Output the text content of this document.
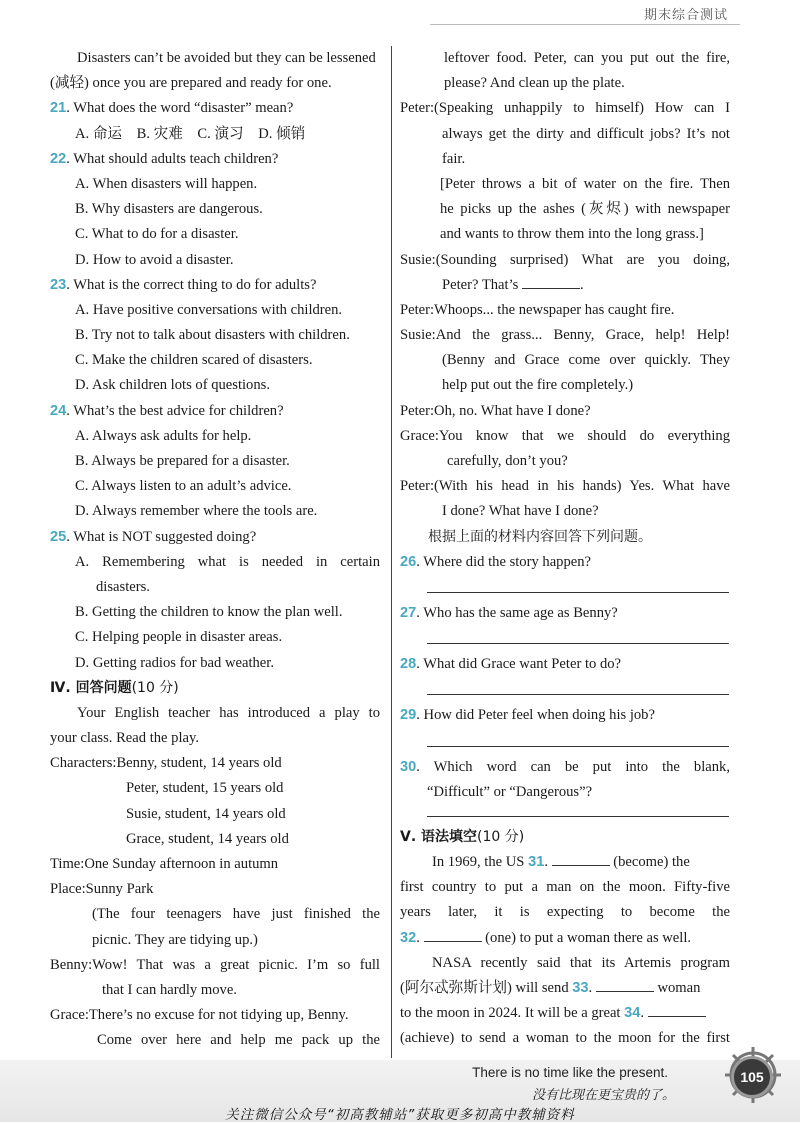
期末综合测试
Disasters can’t be avoided but they can be lessened
(减轻) once you are prepared and ready for one.
21. What does the word “disaster” mean?
A. 命运    B. 灾难    C. 演习    D. 倾销
22. What should adults teach children?
A. When disasters will happen.
B. Why disasters are dangerous.
C. What to do for a disaster.
D. How to avoid a disaster.
23. What is the correct thing to do for adults?
A. Have positive conversations with children.
B. Try not to talk about disasters with children.
C. Make the children scared of disasters.
D. Ask children lots of questions.
24. What’s the best advice for children?
A. Always ask adults for help.
B. Always be prepared for a disaster.
C. Always listen to an adult’s advice.
D. Always remember where the tools are.
25. What is NOT suggested doing?
A. Remembering what is needed in certain
disasters.
B. Getting the children to know the plan well.
C. Helping people in disaster areas.
D. Getting radios for bad weather.
Ⅳ. 回答问题(10 分)
Your English teacher has introduced a play to
your class. Read the play.
Characters:Benny, student, 14 years old
Peter, student, 15 years old
Susie, student, 14 years old
Grace, student, 14 years old
Time:One Sunday afternoon in autumn
Place:Sunny Park
(The four teenagers have just finished the
picnic. They are tidying up.)
Benny:Wow! That was a great picnic. I’m so full
that I can hardly move.
Grace:There’s no excuse for not tidying up, Benny.
Come over here and help me pack up the
leftover food. Peter, can you put out the fire,
please? And clean up the plate.
Peter:(Speaking unhappily to himself) How can I
always get the dirty and difficult jobs? It’s not
fair.
[Peter throws a bit of water on the fire. Then
he picks up the ashes (灰烬) with newspaper
and wants to throw them into the long grass.]
Susie:(Sounding surprised) What are you doing,
Peter? That’s	.
Peter:Whoops... the newspaper has caught fire.
Susie:And the grass... Benny, Grace, help! Help!
(Benny and Grace come over quickly. They
help put out the fire completely.)
Peter:Oh, no. What have I done?
Grace:You know that we should do everything
carefully, don’t you?
Peter:(With his head in his hands) Yes. What have
I done? What have I done?
根据上面的材料内容回答下列问题。
26. Where did the story happen?
27. Who has the same age as Benny?
28. What did Grace want Peter to do?
29. How did Peter feel when doing his job?
30. Which word can be put into the blank,
“Difficult” or “Dangerous”?
Ⅴ. 语法填空(10 分)
In 1969, the US 31.	(become) the
first country to put a man on the moon. Fifty-five
years later, it is expecting to become the
32.	(one) to put a woman there as well.
NASA recently said that its Artemis program
(阿尔忒弥斯计划) will send 33.	woman
to the moon in 2024. It will be a great 34.
(achieve) to send a woman to the moon for the first
There is no time like the present.
没有比现在更宝贵的了。
105
关注微信公众号“初高教辅站”获取更多初高中教辅资料
